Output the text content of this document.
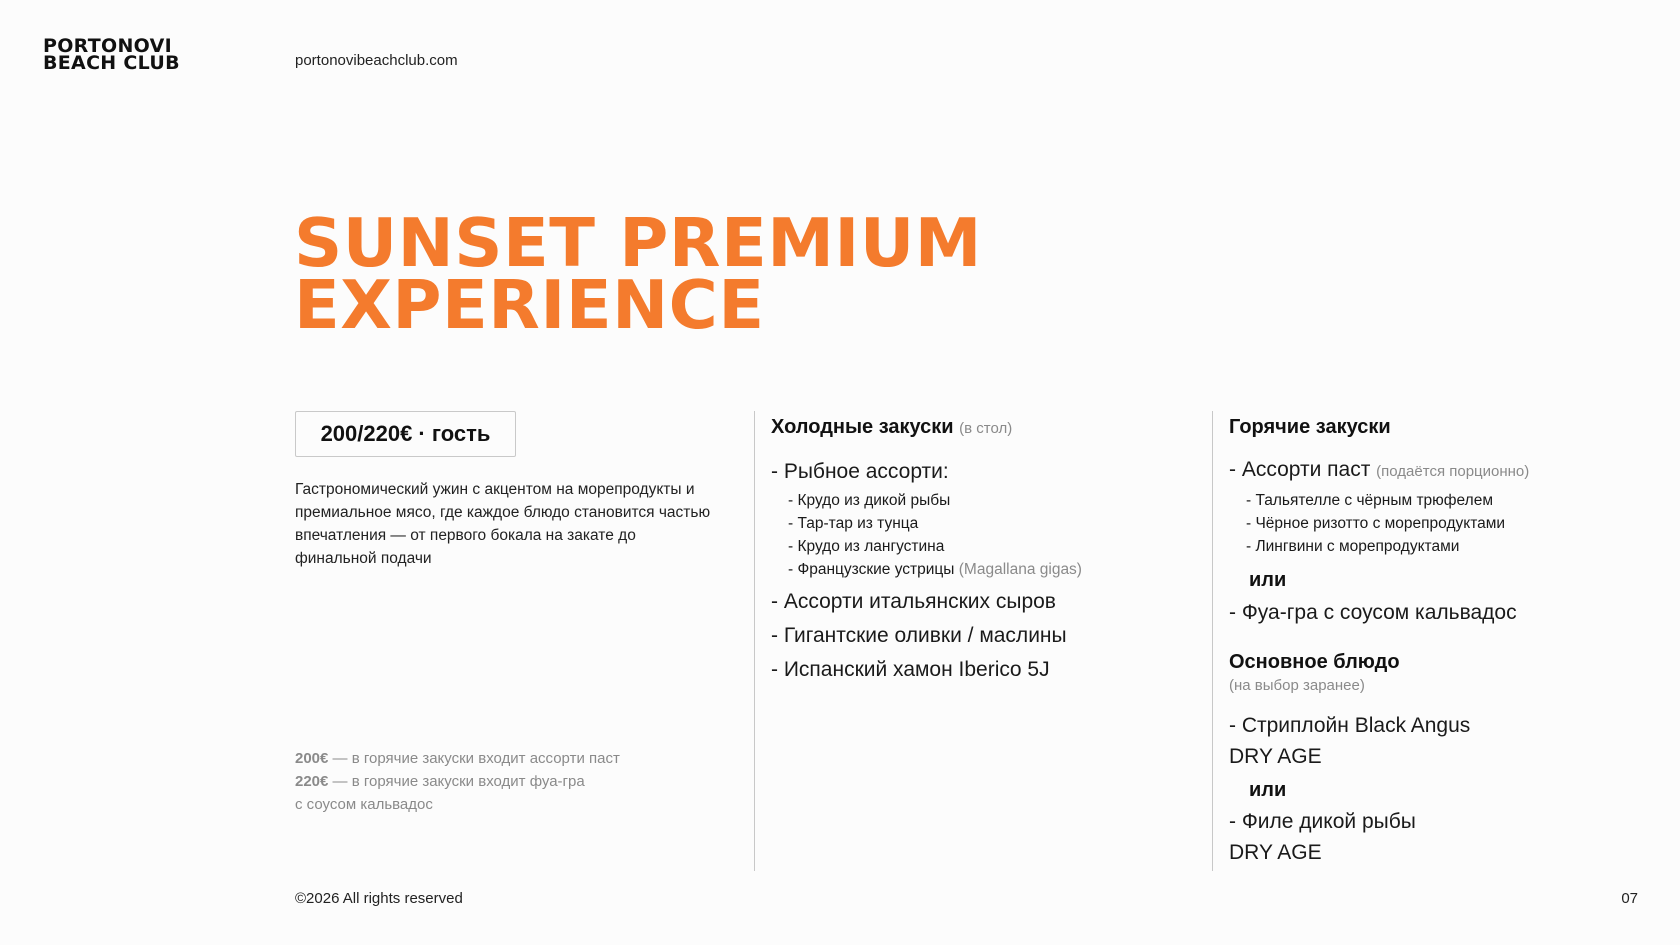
PORTONOVI
BEACH CLUB	portonovibeachclub.com
SUNSET PREMIUM
EXPERIENCE
200/220€ · гость

Гастрономический ужин с акцентом на морепродукты и премиальное мясо, где каждое блюдо становится частью впечатления — от первого бокала на закате до финальной подачи

200€ — в горячие закуски входит ассорти паст
220€ — в горячие закуски входит фуа-гра
с соусом кальвадос
Холодные закуски (в стол)
- Рыбное ассорти:
- Крудо из дикой рыбы
- Тар-тар из тунца
- Крудо из лангустина
- Французские устрицы (Magallana gigas)
- Ассорти итальянских сыров
- Гигантские оливки / маслины
- Испанский хамон Iberico 5J
Горячие закуски
- Ассорти паст (подаётся порционно)
- Тальятелле с чёрным трюфелем
- Чёрное ризотто с морепродуктами
- Лингвини с морепродуктами
или
- Фуа-гра с соусом кальвадос
Основное блюдо
(на выбор заранее)
- Стриплойн Black Angus
DRY AGE
или
- Филе дикой рыбы
DRY AGE
©2026 All rights reserved	07
